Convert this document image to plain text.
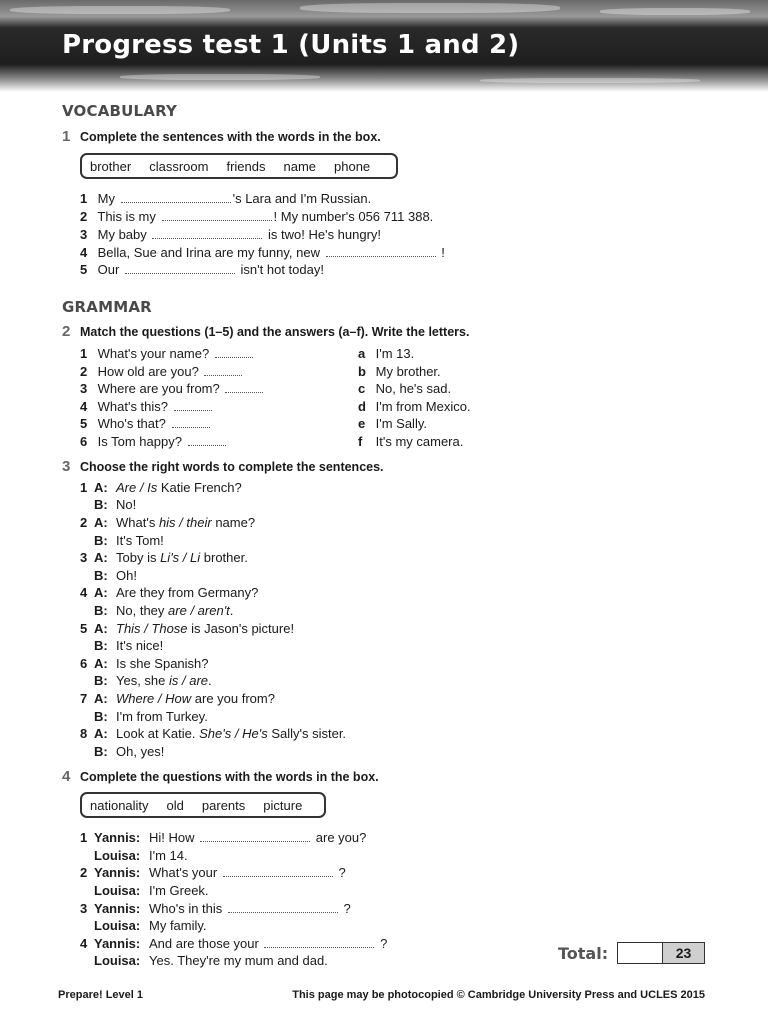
Progress test 1 (Units 1 and 2)
VOCABULARY
1 Complete the sentences with the words in the box.
brother classroom friends name phone
1 My	's Lara and I'm Russian.
2 This is my	! My number's 056 711 388.
3 My baby	is two! He's hungry!
4 Bella, Sue and Irina are my funny, new	!
5 Our	isn't hot today!
GRAMMAR
2 Match the questions (1–5) and the answers (a–f). Write the letters.
1 What's your name?
2 How old are you?
3 Where are you from?
4 What's this?
5 Who's that?
6 Is Tom happy?
a I'm 13.
b My brother.
c No, he's sad.
d I'm from Mexico.
e I'm Sally.
f It's my camera.
3 Choose the right words to complete the sentences.
1 A: Are / Is Katie French?
B: No!
2 A: What's his / their name?
B: It's Tom!
3 A: Toby is Li's / Li brother.
B: Oh!
4 A: Are they from Germany?
B: No, they are / aren't.
5 A: This / Those is Jason's picture!
B: It's nice!
6 A: Is she Spanish?
B: Yes, she is / are.
7 A: Where / How are you from?
B: I'm from Turkey.
8 A: Look at Katie. She's / He's Sally's sister.
B: Oh, yes!
4 Complete the questions with the words in the box.
nationality old parents picture
1 Yannis: Hi! How	are you?
Louisa: I'm 14.
2 Yannis: What's your	?
Louisa: I'm Greek.
3 Yannis: Who's in this	?
Louisa: My family.
4 Yannis: And are those your	?
Louisa: Yes. They're my mum and dad.	Total:	23
Prepare! Level 1	This page may be photocopied © Cambridge University Press and UCLES 2015
